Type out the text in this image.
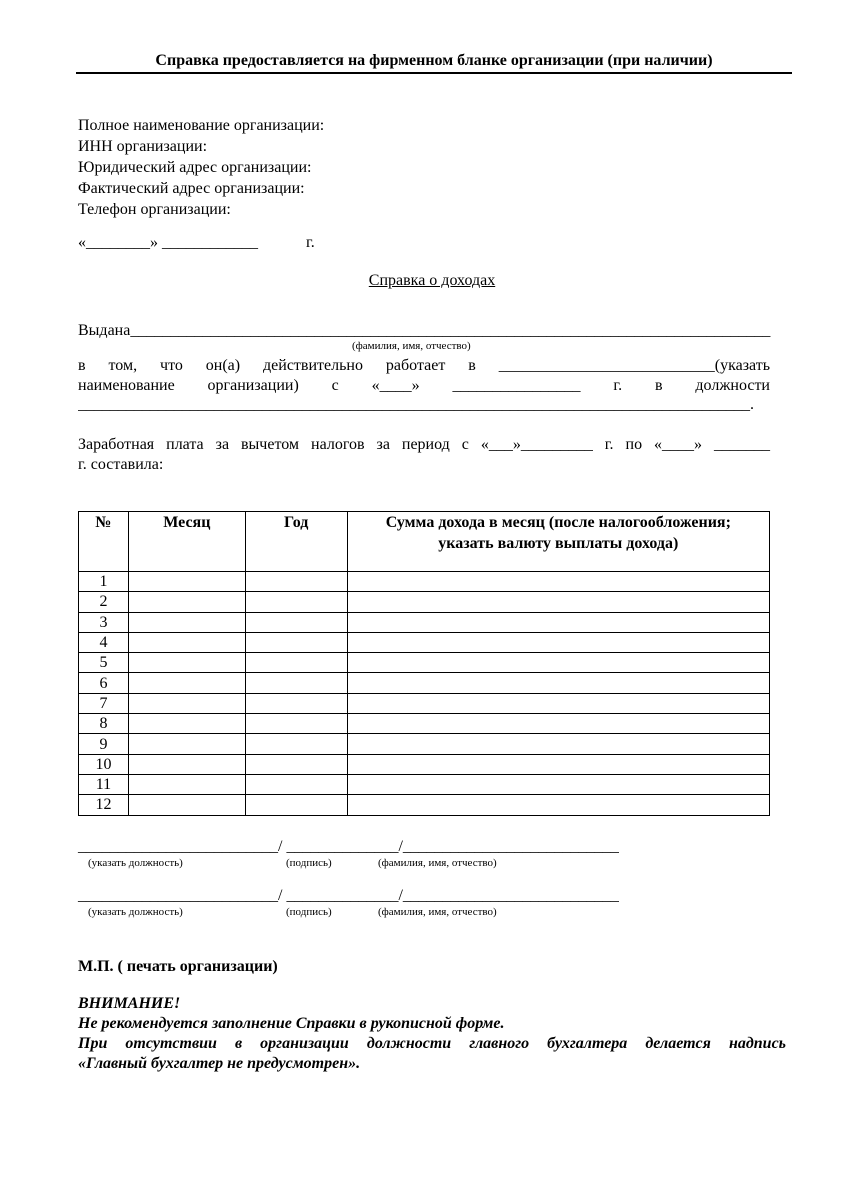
Справка предоставляется на фирменном бланке организации (при наличии)
Полное наименование организации:
ИНН организации:
Юридический адрес организации:
Фактический адрес организации:
Телефон организации:
«________» ____________            г.
Справка о доходах
Выдана________________________________________________________________________________
(фамилия, имя, отчество)
в том, что он(а) действительно работает в ___________________________(указать
наименование организации) с «____» ________________ г. в должности
____________________________________________________________________________________.
Заработная плата за вычетом налогов за период с «___»_________ г. по «____» _______
г. составила:
№	Месяц	Год	Сумма дохода в месяц (после налогообложения; указать валюту выплаты дохода)
1			
2			
3			
4			
5			
6			
7			
8			
9			
10			
11			
12			
_________________________/ ______________/___________________________
(указать должность)	(подпись)	(фамилия, имя, отчество)
_________________________/ ______________/___________________________
(указать должность)	(подпись)	(фамилия, имя, отчество)
М.П. ( печать организации)
ВНИМАНИЕ!
Не рекомендуется заполнение Справки в рукописной форме.
При отсутствии в организации должности главного бухгалтера делается надпись
«Главный бухгалтер не предусмотрен».
